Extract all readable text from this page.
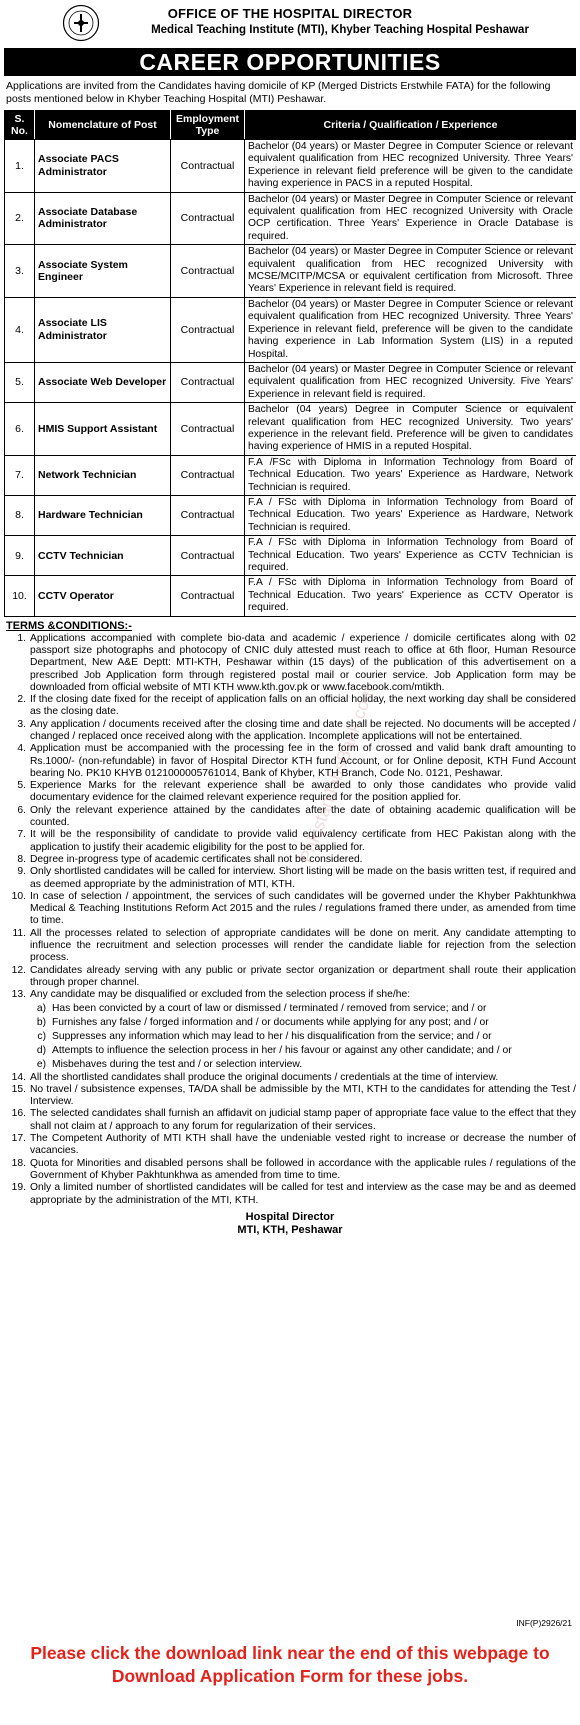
OFFICE OF THE HOSPITAL DIRECTOR
Medical Teaching Institute (MTI), Khyber Teaching Hospital Peshawar
CAREER OPPORTUNITIES
Applications are invited from the Candidates having domicile of KP (Merged Districts Erstwhile FATA) for the following posts mentioned below in Khyber Teaching Hospital (MTI) Peshawar.
S. No.	Nomenclature of Post	Employment Type	Criteria / Qualification / Experience
1.	Associate PACS Administrator	Contractual	Bachelor (04 years) or Master Degree in Computer Science or relevant equivalent qualification from HEC recognized University. Three Years' Experience in relevant field preference will be given to the candidate having experience in PACS in a reputed Hospital.
2.	Associate Database Administrator	Contractual	Bachelor (04 years) or Master Degree in Computer Science or relevant equivalent qualification from HEC recognized University with Oracle OCP certification. Three Years' Experience in Oracle Database is required.
3.	Associate System Engineer	Contractual	Bachelor (04 years) or Master Degree in Computer Science or relevant equivalent qualification from HEC recognized University with MCSE/MCITP/MCSA or equivalent certification from Microsoft. Three Years' Experience in relevant field is required.
4.	Associate LIS Administrator	Contractual	Bachelor (04 years) or Master Degree in Computer Science or relevant equivalent qualification from HEC recognized University. Three Years' Experience in relevant field, preference will be given to the candidate having experience in Lab Information System (LIS) in a reputed Hospital.
5.	Associate Web Developer	Contractual	Bachelor (04 years) or Master Degree in Computer Science or relevant equivalent qualification from HEC recognized University. Five Years' Experience in relevant field is required.
6.	HMIS Support Assistant	Contractual	Bachelor (04 years) Degree in Computer Science or equivalent relevant qualification from HEC recognized University. Two years' experience in the relevant field. Preference will be given to candidates having experience of HMIS in a reputed Hospital.
7.	Network Technician	Contractual	F.A /FSc with Diploma in Information Technology from Board of Technical Education. Two years' Experience as Hardware, Network Technician is required.
8.	Hardware Technician	Contractual	F.A / FSc with Diploma in Information Technology from Board of Technical Education. Two years' Experience as Hardware, Network Technician is required.
9.	CCTV Technician	Contractual	F.A / FSc with Diploma in Information Technology from Board of Technical Education. Two years' Experience as CCTV Technician is required.
10.	CCTV Operator	Contractual	F.A / FSc with Diploma in Information Technology from Board of Technical Education. Two years' Experience as CCTV Operator is required.
TERMS &CONDITIONS:-
1. Applications accompanied with complete bio-data and academic / experience / domicile certificates along with 02 passport size photographs and photocopy of CNIC duly attested must reach to office at 6th floor, Human Resource Department, New A&E Deptt: MTI-KTH, Peshawar within (15 days) of the publication of this advertisement on a prescribed Job Application form through registered postal mail or courier service. Job Application form may be downloaded from official website of MTI KTH www.kth.gov.pk or www.facebook.com/mtikth.
2. If the closing date fixed for the receipt of application falls on an official holiday, the next working day shall be considered as the closing date.
3. Any application / documents received after the closing time and date shall be rejected. No documents will be accepted / changed / replaced once received along with the application. Incomplete applications will not be entertained.
4. Application must be accompanied with the processing fee in the form of crossed and valid bank draft amounting to Rs.1000/- (non-refundable) in favor of Hospital Director KTH fund Account, or for Online deposit, KTH Fund Account bearing No. PK10 KHYB 0121000005761014, Bank of Khyber, KTH Branch, Code No. 0121, Peshawar.
5. Experience Marks for the relevant experience shall be awarded to only those candidates who provide valid documentary evidence for the claimed relevant experience required for the position applied for.
6. Only the relevant experience attained by the candidates after the date of obtaining academic qualification will be counted.
7. It will be the responsibility of candidate to provide valid equivalency certificate from HEC Pakistan along with the application to justify their academic eligibility for the post to be applied for.
8. Degree in-progress type of academic certificates shall not be considered.
9. Only shortlisted candidates will be called for interview. Short listing will be made on the basis written test, if required and as deemed appropriate by the administration of MTI, KTH.
10. In case of selection / appointment, the services of such candidates will be governed under the Khyber Pakhtunkhwa Medical & Teaching Institutions Reform Act 2015 and the rules / regulations framed there under, as amended from time to time.
11. All the processes related to selection of appropriate candidates will be done on merit. Any candidate attempting to influence the recruitment and selection processes will render the candidate liable for rejection from the selection process.
12. Candidates already serving with any public or private sector organization or department shall route their application through proper channel.
13. Any candidate may be disqualified or excluded from the selection process if she/he:
a) Has been convicted by a court of law or dismissed / terminated / removed from service; and / or
b) Furnishes any false / forged information and / or documents while applying for any post; and / or
c) Suppresses any information which may lead to her / his disqualification from the service; and / or
d) Attempts to influence the selection process in her / his favour or against any other candidate; and / or
e) Misbehaves during the test and / or selection interview.
14. All the shortlisted candidates shall produce the original documents / credentials at the time of interview.
15. No travel / subsistence expenses, TA/DA shall be admissible by the MTI, KTH to the candidates for attending the Test / Interview.
16. The selected candidates shall furnish an affidavit on judicial stamp paper of appropriate face value to the effect that they shall not claim at / approach to any forum for regularization of their services.
17. The Competent Authority of MTI KTH shall have the undeniable vested right to increase or decrease the number of vacancies.
18. Quota for Minorities and disabled persons shall be followed in accordance with the applicable rules / regulations of the Government of Khyber Pakhtunkhwa as amended from time to time.
19. Only a limited number of shortlisted candidates will be called for test and interview as the case may be and as deemed appropriate by the administration of the MTI, KTH.
Hospital Director
MTI, KTH, Peshawar
INF(P)2926/21
PakistanJobsBank.com
Please click the download link near the end of this webpage to Download Application Form for these jobs.
